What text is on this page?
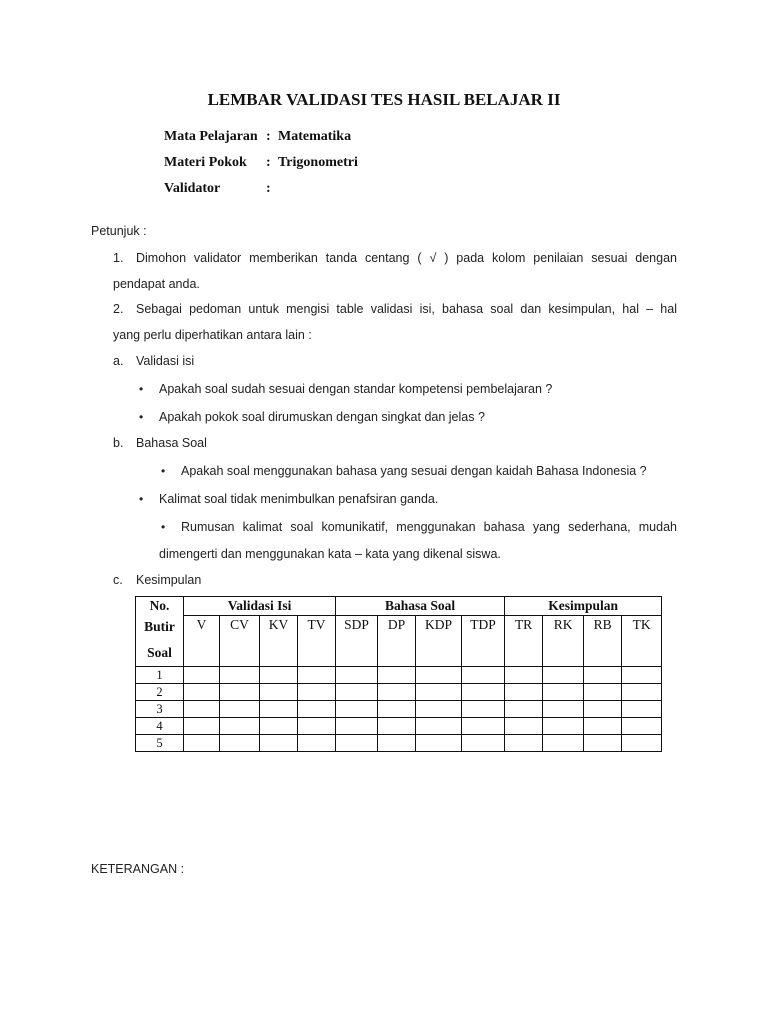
LEMBAR VALIDASI TES HASIL BELAJAR II
Mata Pelajaran : Matematika
Materi Pokok : Trigonometri
Validator	:
Petunjuk :
1. Dimohon validator memberikan tanda centang ( √ ) pada kolom penilaian sesuai dengan
pendapat anda.
2. Sebagai pedoman untuk mengisi table validasi isi, bahasa soal dan kesimpulan, hal – hal
yang perlu diperhatikan antara lain :
a. Validasi isi
• Apakah soal sudah sesuai dengan standar kompetensi pembelajaran ?
• Apakah pokok soal dirumuskan dengan singkat dan jelas ?
b. Bahasa Soal
• Apakah soal menggunakan bahasa yang sesuai dengan kaidah Bahasa Indonesia ?
• Kalimat soal tidak menimbulkan penafsiran ganda.
• Rumusan kalimat soal komunikatif, menggunakan bahasa yang sederhana, mudah
dimengerti dan menggunakan kata – kata yang dikenal siswa.
c. Kesimpulan
No.
Butir
Soal	Validasi Isi				Bahasa Soal				Kesimpulan			
	V	CV	KV	TV	SDP	DP	KDP	TDP	TR	RK	RB	TK
1												
2												
3												
4												
5												
KETERANGAN :
